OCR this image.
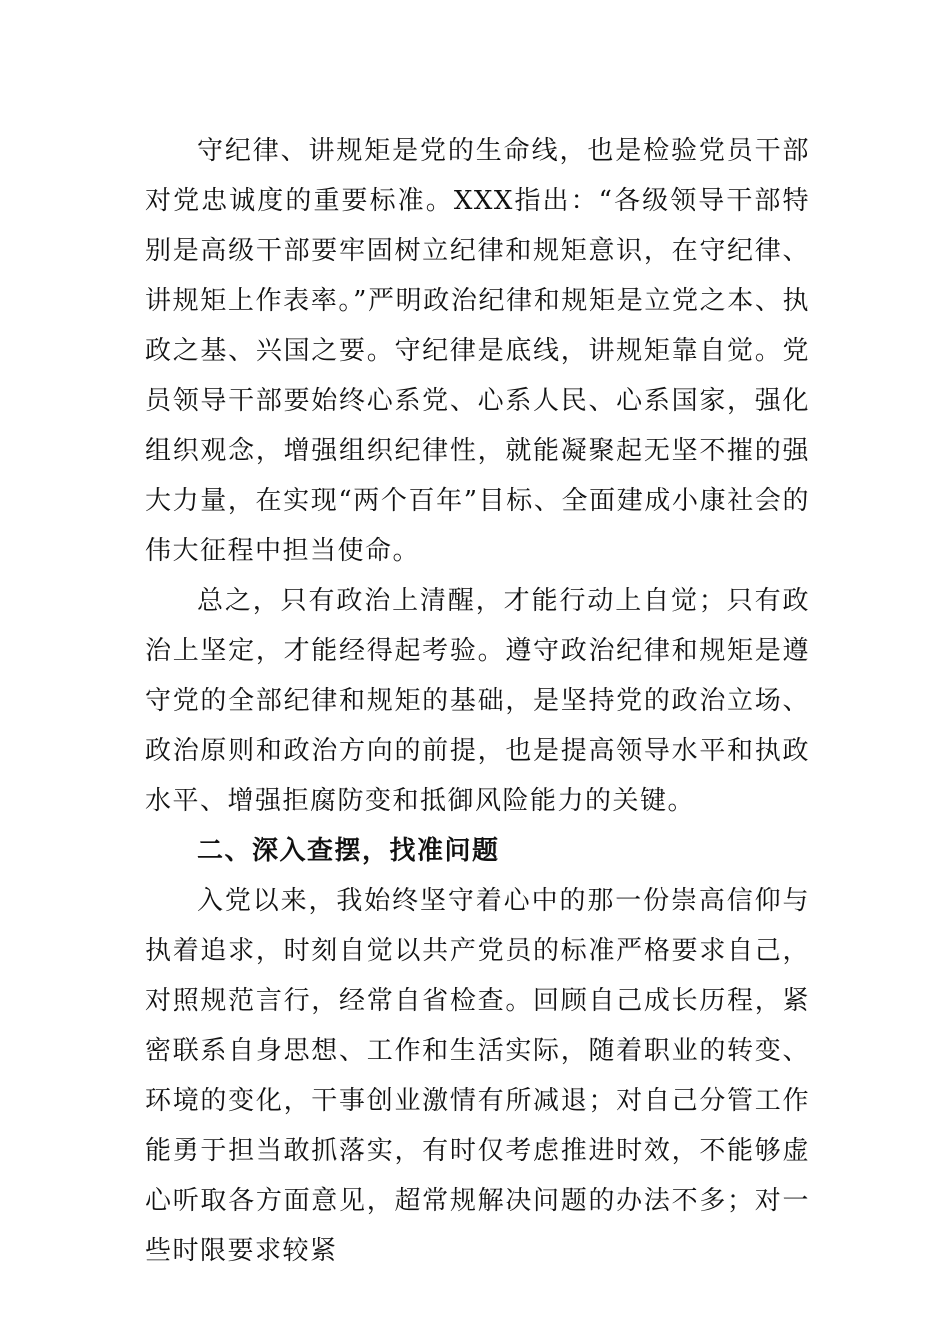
守纪律、讲规矩是党的生命线，也是检验党员干部对党忠诚度的重要标准。XXX指出：“各级领导干部特别是高级干部要牢固树立纪律和规矩意识，在守纪律、讲规矩上作表率。”严明政治纪律和规矩是立党之本、执政之基、兴国之要。守纪律是底线，讲规矩靠自觉。党员领导干部要始终心系党、心系人民、心系国家，强化组织观念，增强组织纪律性，就能凝聚起无坚不摧的强大力量，在实现“两个百年”目标、全面建成小康社会的伟大征程中担当使命。

总之，只有政治上清醒，才能行动上自觉；只有政治上坚定，才能经得起考验。遵守政治纪律和规矩是遵守党的全部纪律和规矩的基础，是坚持党的政治立场、政治原则和政治方向的前提，也是提高领导水平和执政水平、增强拒腐防变和抵御风险能力的关键。

二、深入查摆，找准问题

入党以来，我始终坚守着心中的那一份崇高信仰与执着追求，时刻自觉以共产党员的标准严格要求自己，对照规范言行，经常自省检查。回顾自己成长历程，紧密联系自身思想、工作和生活实际，随着职业的转变、环境的变化，干事创业激情有所减退；对自己分管工作能勇于担当敢抓落实，有时仅考虑推进时效，不能够虚心听取各方面意见，超常规解决问题的办法不多；对一些时限要求较紧
